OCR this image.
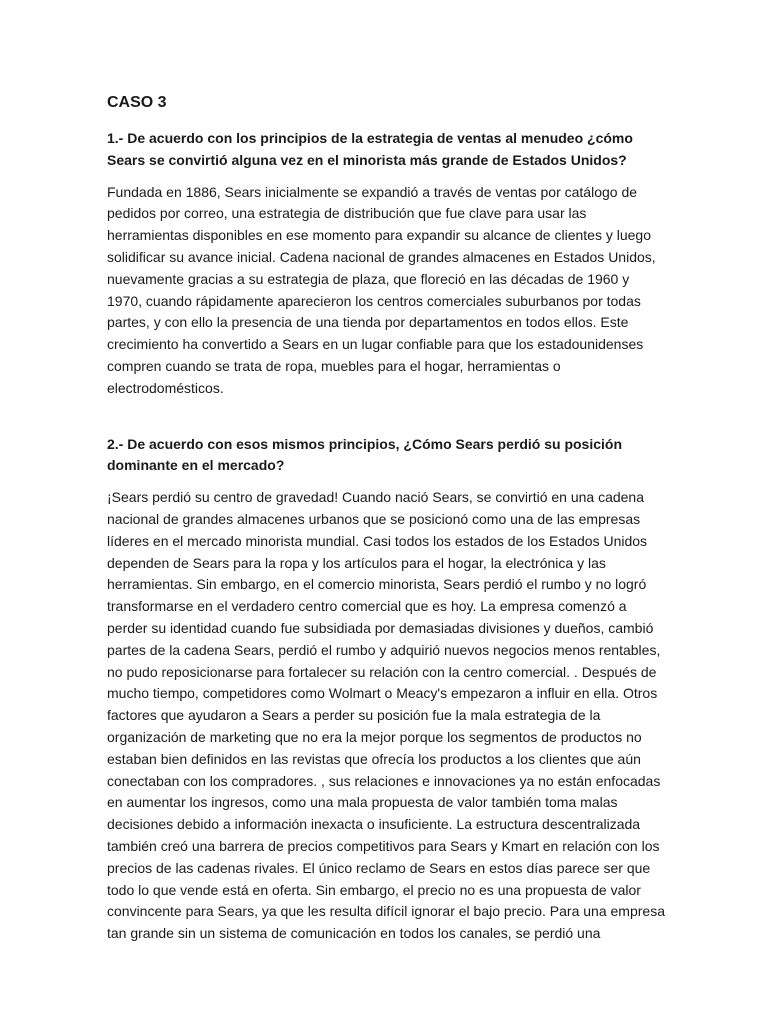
CASO 3

1.- De acuerdo con los principios de la estrategia de ventas al menudeo ¿cómo Sears se convirtió alguna vez en el minorista más grande de Estados Unidos?

Fundada en 1886, Sears inicialmente se expandió a través de ventas por catálogo de pedidos por correo, una estrategia de distribución que fue clave para usar las herramientas disponibles en ese momento para expandir su alcance de clientes y luego solidificar su avance inicial. Cadena nacional de grandes almacenes en Estados Unidos, nuevamente gracias a su estrategia de plaza, que floreció en las décadas de 1960 y 1970, cuando rápidamente aparecieron los centros comerciales suburbanos por todas partes, y con ello la presencia de una tienda por departamentos en todos ellos. Este crecimiento ha convertido a Sears en un lugar confiable para que los estadounidenses compren cuando se trata de ropa, muebles para el hogar, herramientas o electrodomésticos.

2.- De acuerdo con esos mismos principios, ¿Cómo Sears perdió su posición dominante en el mercado?

¡Sears perdió su centro de gravedad! Cuando nació Sears, se convirtió en una cadena nacional de grandes almacenes urbanos que se posicionó como una de las empresas líderes en el mercado minorista mundial. Casi todos los estados de los Estados Unidos dependen de Sears para la ropa y los artículos para el hogar, la electrónica y las herramientas. Sin embargo, en el comercio minorista, Sears perdió el rumbo y no logró transformarse en el verdadero centro comercial que es hoy. La empresa comenzó a perder su identidad cuando fue subsidiada por demasiadas divisiones y dueños, cambió partes de la cadena Sears, perdió el rumbo y adquirió nuevos negocios menos rentables, no pudo reposicionarse para fortalecer su relación con la centro comercial. . Después de mucho tiempo, competidores como Wolmart o Meacy's empezaron a influir en ella. Otros factores que ayudaron a Sears a perder su posición fue la mala estrategia de la organización de marketing que no era la mejor porque los segmentos de productos no estaban bien definidos en las revistas que ofrecía los productos a los clientes que aún conectaban con los compradores. , sus relaciones e innovaciones ya no están enfocadas en aumentar los ingresos, como una mala propuesta de valor también toma malas decisiones debido a información inexacta o insuficiente. La estructura descentralizada también creó una barrera de precios competitivos para Sears y Kmart en relación con los precios de las cadenas rivales. El único reclamo de Sears en estos días parece ser que todo lo que vende está en oferta. Sin embargo, el precio no es una propuesta de valor convincente para Sears, ya que les resulta difícil ignorar el bajo precio. Para una empresa tan grande sin un sistema de comunicación en todos los canales, se perdió una
